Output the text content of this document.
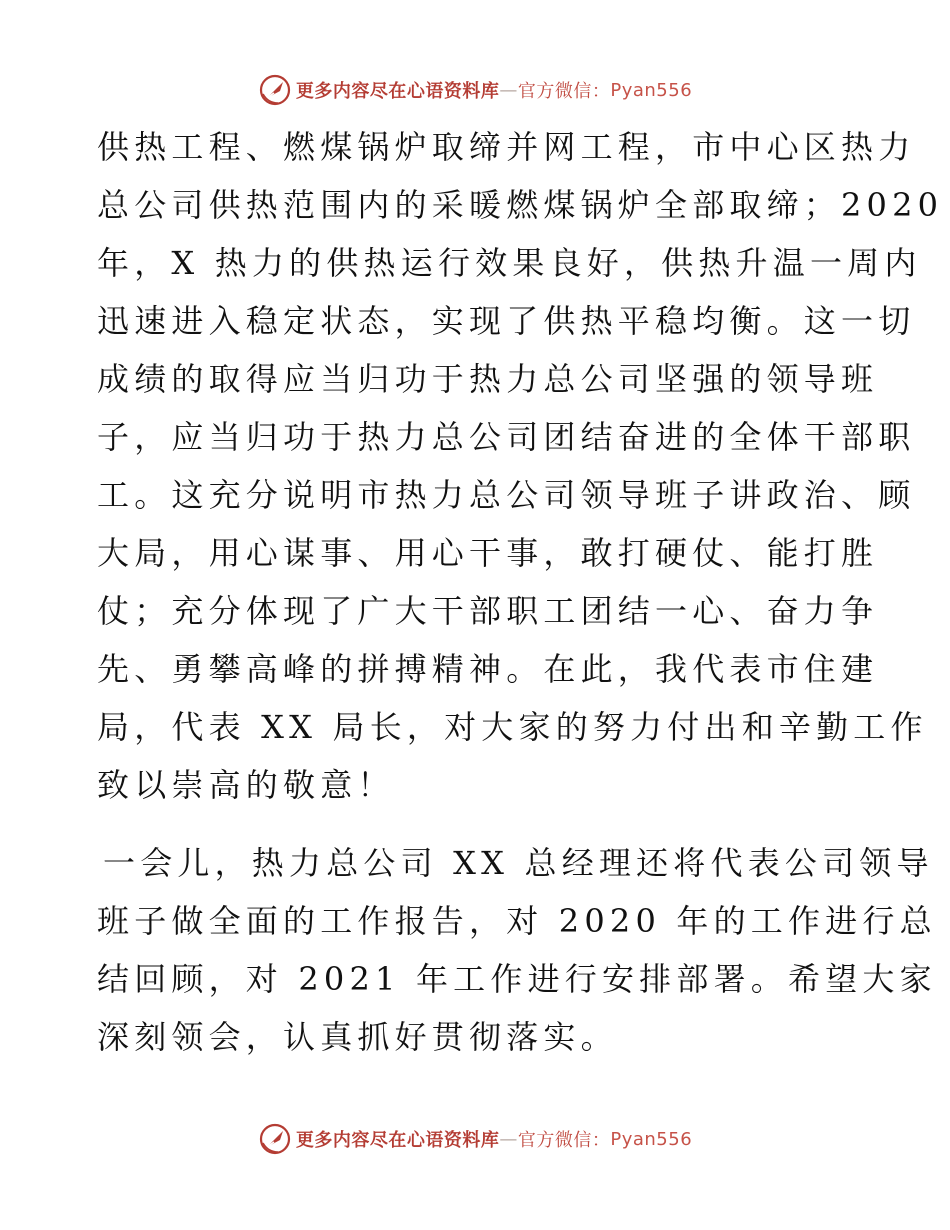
更多内容尽在心语资料库 — 官方微信 ： Pyan556
供热工程、燃煤锅炉取缔并网工程，市中心区热力
总公司供热范围内的采暖燃煤锅炉全部取缔；2020
年，X 热力的供热运行效果良好，供热升温一周内
迅速进入稳定状态，实现了供热平稳均衡。这一切
成绩的取得应当归功于热力总公司坚强的领导班
子，应当归功于热力总公司团结奋进的全体干部职
工。这充分说明市热力总公司领导班子讲政治、顾
大局，用心谋事、用心干事，敢打硬仗、能打胜
仗；充分体现了广大干部职工团结一心、奋力争
先、勇攀高峰的拼搏精神。在此，我代表市住建
局，代表 XX 局长，对大家的努力付出和辛勤工作
致以崇高的敬意！
一会儿，热力总公司 XX 总经理还将代表公司领导
班子做全面的工作报告，对 2020 年的工作进行总
结回顾，对 2021 年工作进行安排部署。希望大家
深刻领会，认真抓好贯彻落实。
更多内容尽在心语资料库 — 官方微信 ： Pyan556
